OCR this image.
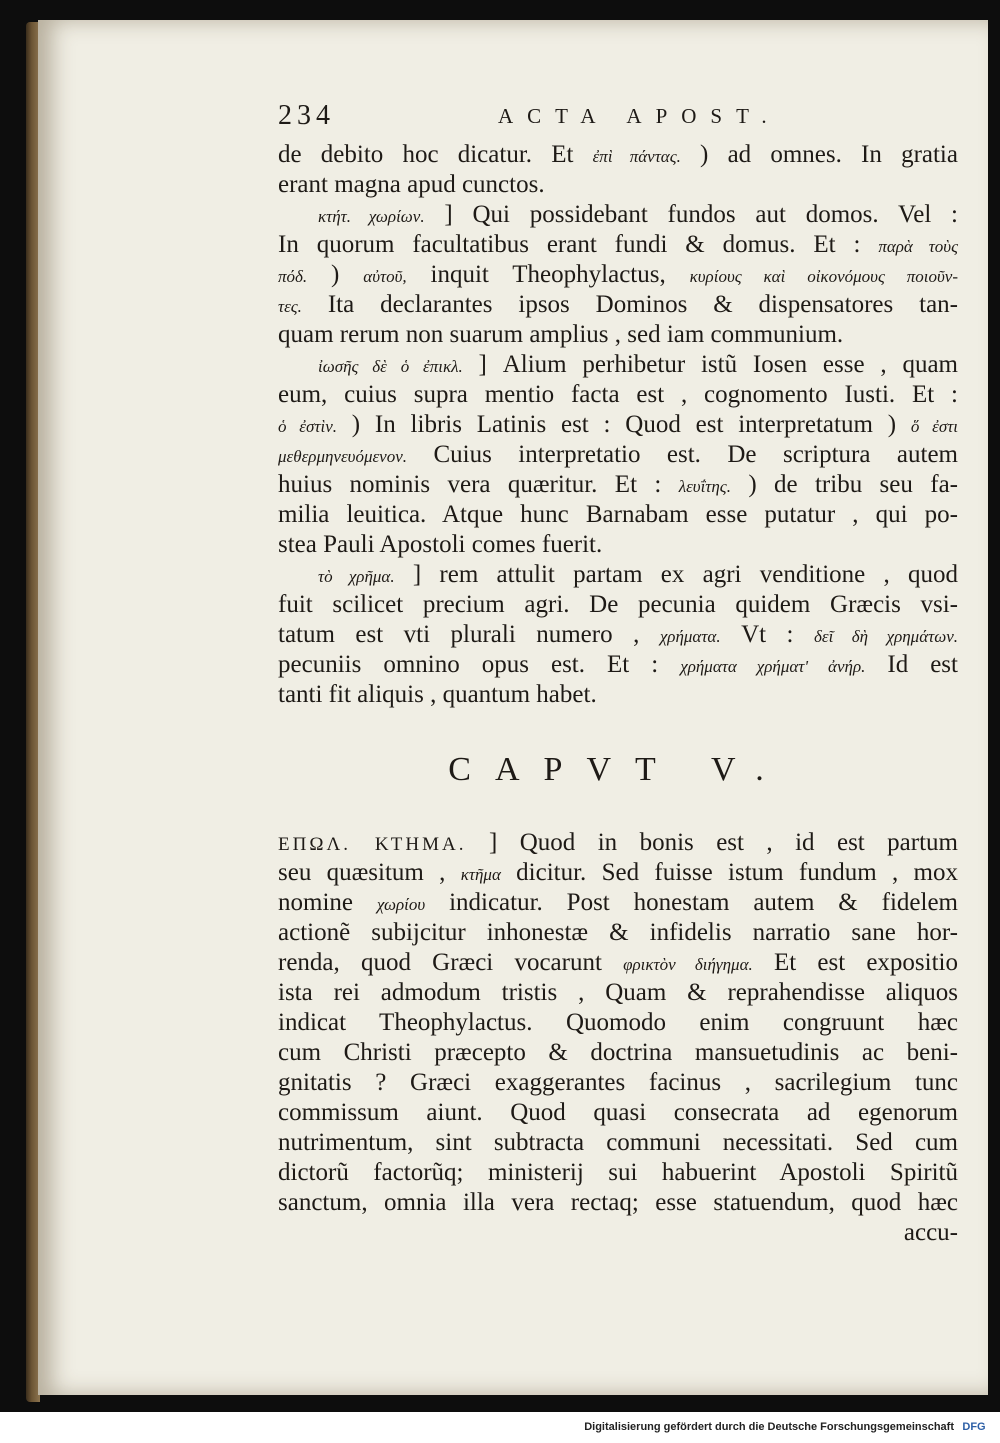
234	ACTA APOST.
de debito hoc dicatur. Et ἐπὶ πάντας. ) ad omnes. In gratia
erant magna apud cunctos.
κτήτ. χωρίων. ] Qui possidebant fundos aut domos. Vel :
In quorum facultatibus erant fundi & domus. Et : παρὰ τοὺς
πόδ. ) αὐτοῦ, inquit Theophylactus, κυρίους καὶ οἰκονόμους ποιοῦν-
τες. Ita declarantes ipsos Dominos & dispensatores tan-
quam rerum non suarum amplius , sed iam communium.
ἰωσῆς δὲ ὁ ἐπικλ. ] Alium perhibetur istũ Iosen esse , quam
eum, cuius supra mentio facta est , cognomento Iusti. Et :
ὁ ἐστὶν. ) In libris Latinis est : Quod est interpretatum ) ὅ ἐστι
μεθερμηνευόμενον. Cuius interpretatio est. De scriptura autem
huius nominis vera quæritur. Et : λευΐτης. ) de tribu seu fa-
milia leuitica. Atque hunc Barnabam esse putatur , qui po-
stea Pauli Apostoli comes fuerit.
τὸ χρῆμα. ] rem attulit partam ex agri venditione , quod
fuit scilicet precium agri. De pecunia quidem Græcis vsi-
tatum est vti plurali numero , χρήματα. Vt : δεῖ δὴ χρημάτων.
pecuniis omnino opus est. Et : χρήματα χρήματ' ἀνήρ. Id est
tanti fit aliquis , quantum habet.
CAPVT V.
ΕΠΩΛ. ΚΤΗΜΑ. ] Quod in bonis est , id est partum
seu quæsitum , κτῆμα dicitur. Sed fuisse istum fundum , mox
nomine χωρίου indicatur. Post honestam autem & fidelem
actionẽ subijcitur inhonestæ & infidelis narratio sane hor-
renda, quod Græci vocarunt φρικτὸν διήγημα. Et est expositio
ista rei admodum tristis , Quam & reprahendisse aliquos
indicat Theophylactus. Quomodo enim congruunt hæc
cum Christi præcepto & doctrina mansuetudinis ac beni-
gnitatis ? Græci exaggerantes facinus , sacrilegium tunc
commissum aiunt. Quod quasi consecrata ad egenorum
nutrimentum, sint subtracta communi necessitati. Sed cum
dictorũ factorũq; ministerij sui habuerint Apostoli Spiritũ
sanctum, omnia illa vera rectaq; esse statuendum, quod hæc
accu-
Digitalisierung gefördert durch die Deutsche Forschungsgemeinschaft DFG
